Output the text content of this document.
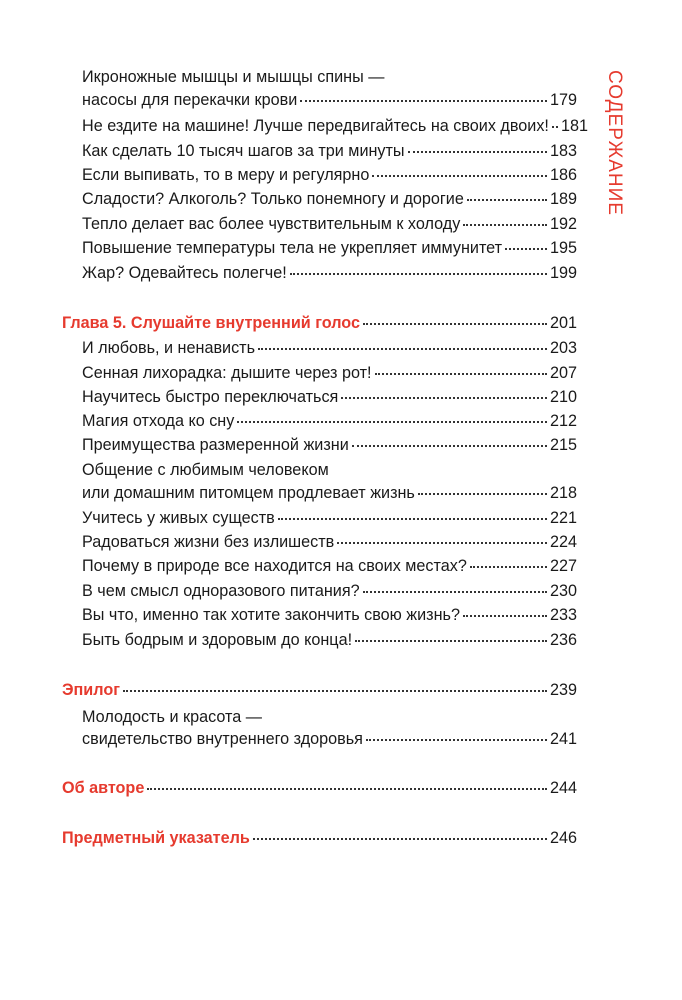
СОДЕРЖАНИЕ
Икроножные мышцы и мышцы спины —
насосы для перекачки крови	179
Не ездите на машине! Лучше передвигайтесь на своих двоих! 181
Как сделать 10 тысяч шагов за три минуты	183
Если выпивать, то в меру и регулярно	186
Сладости? Алкоголь? Только понемногу и дорогие	189
Тепло делает вас более чувствительным к холоду	192
Повышение температуры тела не укрепляет иммунитет	195
Жар? Одевайтесь полегче!	199
Глава 5. Слушайте внутренний голос	201
И любовь, и ненависть	203
Сенная лихорадка: дышите через рот!	207
Научитесь быстро переключаться	210
Магия отхода ко сну	212
Преимущества размеренной жизни	215
Общение с любимым человеком
или домашним питомцем продлевает жизнь	218
Учитесь у живых существ	221
Радоваться жизни без излишеств	224
Почему в природе все находится на своих местах?	227
В чем смысл одноразового питания?	230
Вы что, именно так хотите закончить свою жизнь?	233
Быть бодрым и здоровым до конца!	236
Эпилог	239
Молодость и красота —
свидетельство внутреннего здоровья	241
Об авторе	244
Предметный указатель	246
